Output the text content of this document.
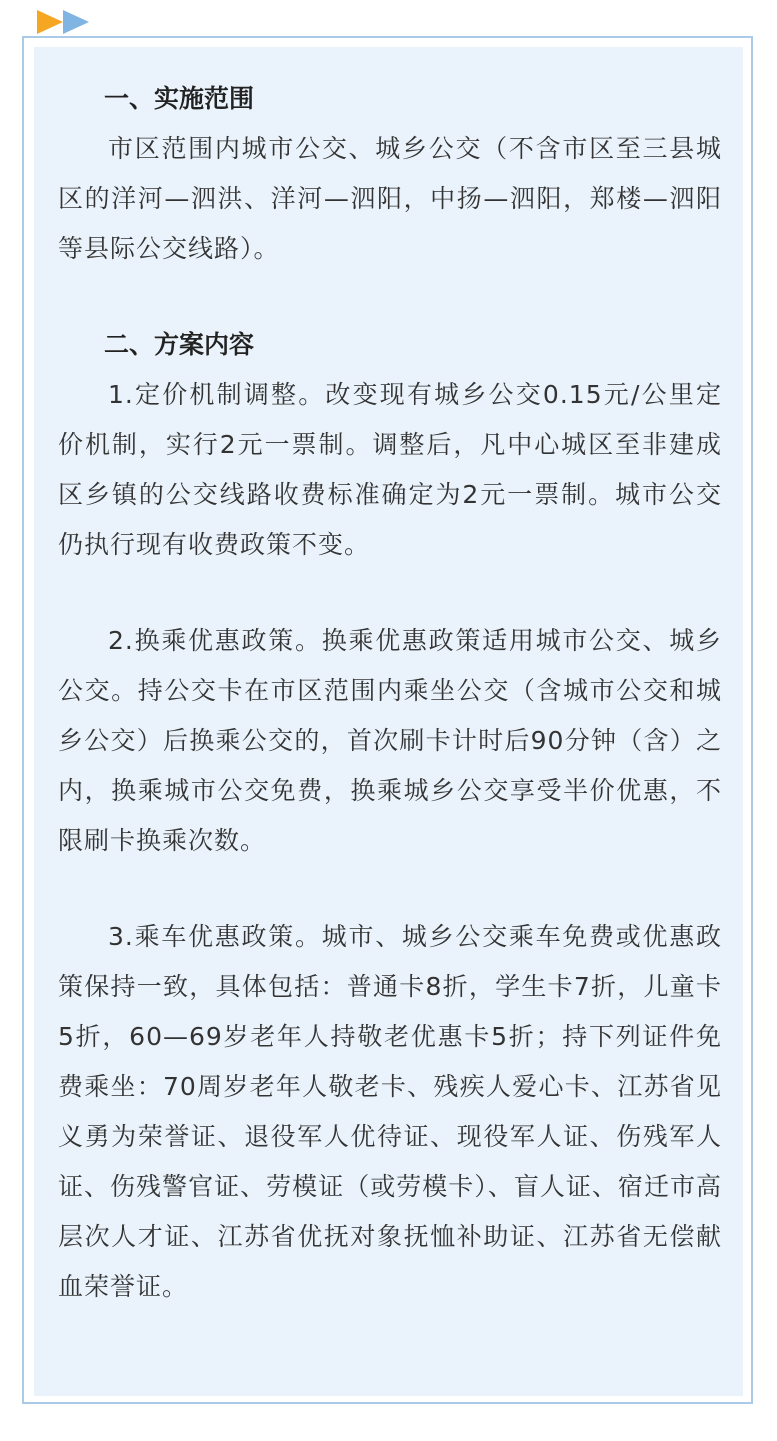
一、实施范围

市区范围内城市公交、城乡公交（不含市区至三县城区的洋河—泗洪、洋河—泗阳，中扬—泗阳，郑楼—泗阳等县际公交线路）。

二、方案内容

1.定价机制调整。改变现有城乡公交0.15元/公里定价机制，实行2元一票制。调整后，凡中心城区至非建成区乡镇的公交线路收费标准确定为2元一票制。城市公交仍执行现有收费政策不变。

2.换乘优惠政策。换乘优惠政策适用城市公交、城乡公交。持公交卡在市区范围内乘坐公交（含城市公交和城乡公交）后换乘公交的，首次刷卡计时后90分钟（含）之内，换乘城市公交免费，换乘城乡公交享受半价优惠，不限刷卡换乘次数。

3.乘车优惠政策。城市、城乡公交乘车免费或优惠政策保持一致，具体包括：普通卡8折，学生卡7折，儿童卡5折，60—69岁老年人持敬老优惠卡5折；持下列证件免费乘坐：70周岁老年人敬老卡、残疾人爱心卡、江苏省见义勇为荣誉证、退役军人优待证、现役军人证、伤残军人证、伤残警官证、劳模证（或劳模卡）、盲人证、宿迁市高层次人才证、江苏省优抚对象抚恤补助证、江苏省无偿献血荣誉证。
